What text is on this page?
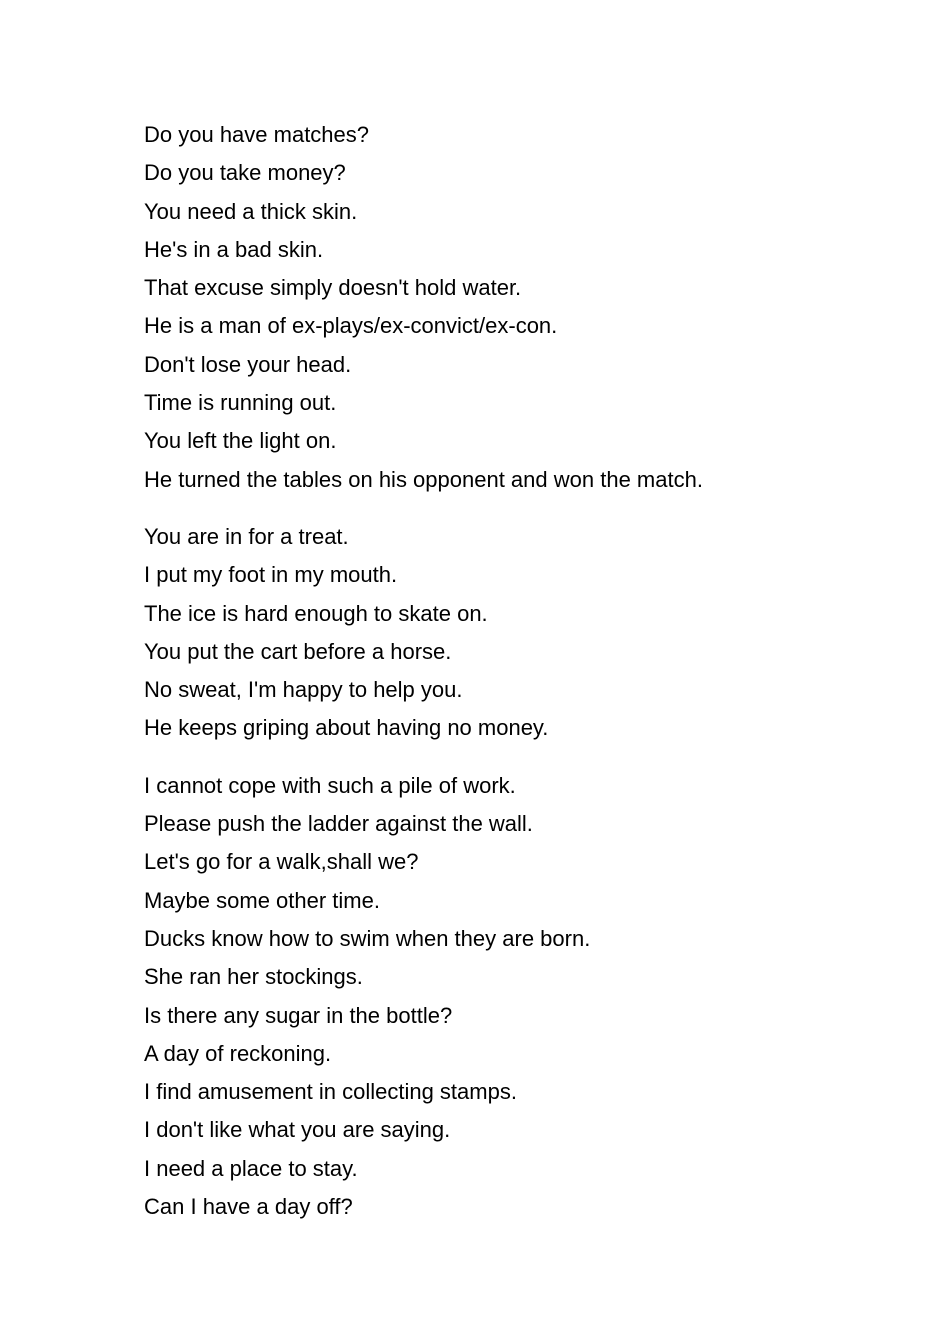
Do you have matches?
Do you take money?
You need a thick skin.
He's in a bad skin.
That excuse simply doesn't hold water.
He is a man of ex-plays/ex-convict/ex-con.
Don't lose your head.
Time is running out.
You left the light on.
He turned the tables on his opponent and won the match.
You are in for a treat.
I put my foot in my mouth.
The ice is hard enough to skate on.
You put the cart before a horse.
No sweat, I'm happy to help you.
He keeps griping about having no money.
I cannot cope with such a pile of work.
Please push the ladder against the wall.
Let's go for a walk,shall we?
Maybe some other time.
Ducks know how to swim when they are born.
She ran her stockings.
Is there any sugar in the bottle?
A day of reckoning.
I find amusement in collecting stamps.
I don't like what you are saying.
I need a place to stay.
Can I have a day off?
